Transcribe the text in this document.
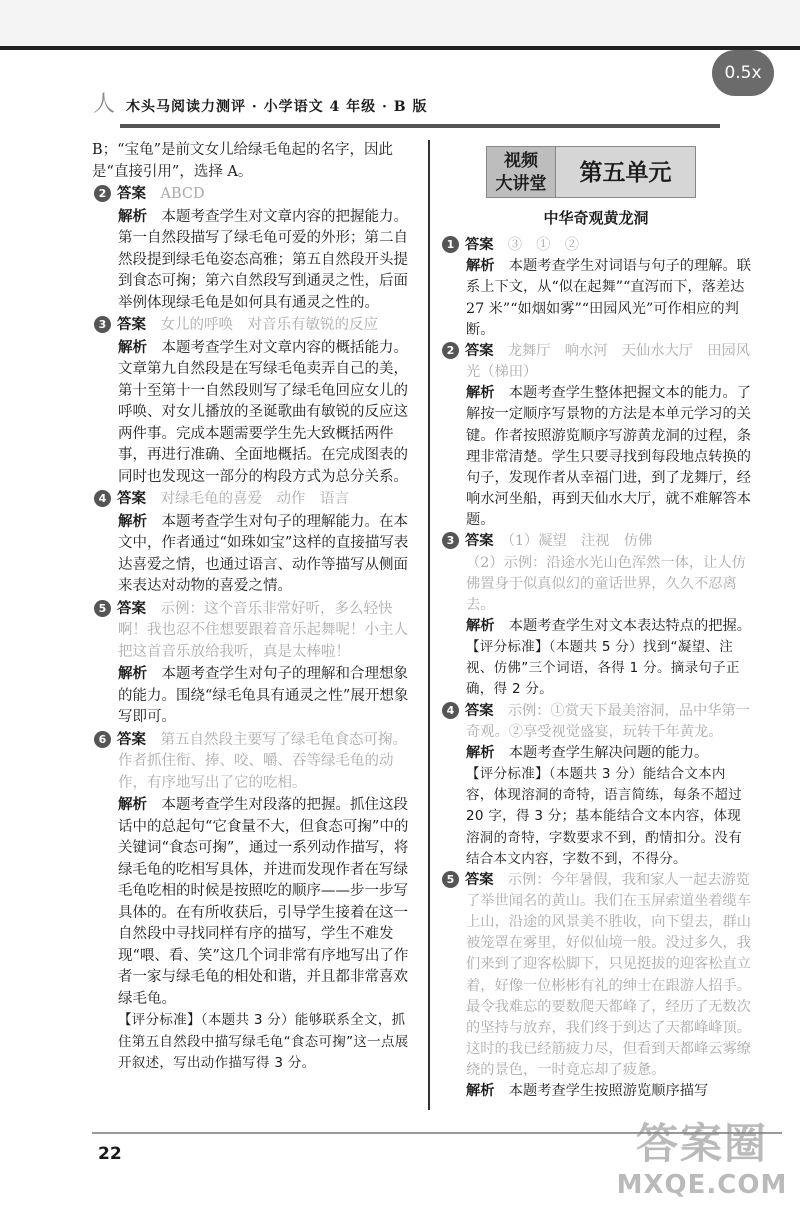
0.5x
人 木头马阅读力测评 · 小学语文 4 年级 · B 版

B；“宝龟”是前文女儿给绿毛龟起的名字，因此是“直接引用”，选择 A。

2 答案　 ABCD

解析　 本题考查学生对文章内容的把握能力。第一自然段描写了绿毛龟可爱的外形；第二自然段提到绿毛龟姿态高雅；第五自然段开头提到食态可掬；第六自然段写到通灵之性，后面举例体现绿毛龟是如何具有通灵之性的。

3 答案　 女儿的呼唤　对音乐有敏锐的反应

解析　 本题考查学生对文章内容的概括能力。文章第九自然段是在写绿毛龟卖弄自己的美，第十至第十一自然段则写了绿毛龟回应女儿的呼唤、对女儿播放的圣诞歌曲有敏锐的反应这两件事。完成本题需要学生先大致概括两件事，再进行准确、全面地概括。在完成图表的同时也发现这一部分的构段方式为总分关系。

4 答案　 对绿毛龟的喜爱　动作　语言

解析　 本题考查学生对句子的理解能力。在本文中，作者通过“如珠如宝”这样的直接描写表达喜爱之情，也通过语言、动作等描写从侧面来表达对动物的喜爱之情。

5 答案　 示例：这个音乐非常好听，多么轻快啊！我也忍不住想要跟着音乐起舞呢！小主人把这首音乐放给我听，真是太棒啦！

解析　 本题考查学生对句子的理解和合理想象的能力。围绕“绿毛龟具有通灵之性”展开想象写即可。

6 答案　 第五自然段主要写了绿毛龟食态可掬。作者抓住衔、捧、咬、嚼、吞等绿毛龟的动作，有序地写出了它的吃相。

解析　 本题考查学生对段落的把握。抓住这段话中的总起句“它食量不大，但食态可掬”中的关键词“食态可掬”，通过一系列动作描写，将绿毛龟的吃相写具体，并进而发现作者在写绿毛龟吃相的时候是按照吃的顺序——步一步写具体的。在有所收获后，引导学生接着在这一自然段中寻找同样有序的描写，学生不难发现“喂、看、笑”这几个词非常有序地写出了作者一家与绿毛龟的相处和谐，并且都非常喜欢绿毛龟。

【评分标准】（本题共 3 分）能够联系全文，抓住第五自然段中描写绿毛龟“食态可掬”这一点展开叙述，写出动作描写得 3 分。

视频
大讲堂	第五单元
中华奇观黄龙洞

1 答案　 ③　①　②

解析　 本题考查学生对词语与句子的理解。联系上下文，从“似在起舞”“直泻而下，落差达 27 米”“如烟如雾”“田园风光”可作相应的判断。

2 答案　 龙舞厅　响水河　天仙水大厅　田园风光（梯田）

解析　 本题考查学生整体把握文本的能力。了解按一定顺序写景物的方法是本单元学习的关键。作者按照游览顺序写游黄龙洞的过程，条理非常清楚。学生只要寻找到每段地点转换的句子，发现作者从幸福门进，到了龙舞厅，经响水河坐船，再到天仙水大厅，就不难解答本题。

3 答案　 （1）凝望　注视　仿佛

（2）示例：沿途水光山色浑然一体，让人仿佛置身于似真似幻的童话世界，久久不忍离去。

解析　 本题考查学生对文本表达特点的把握。

【评分标准】（本题共 5 分）找到“凝望、注视、仿佛”三个词语，各得 1 分。摘录句子正确，得 2 分。

4 答案　 示例：①赏天下最美溶洞，品中华第一奇观。②享受视觉盛宴，玩转千年黄龙。

解析　 本题考查学生解决问题的能力。

【评分标准】（本题共 3 分）能结合文本内容，体现溶洞的奇特，语言简练，每条不超过 20 字，得 3 分；基本能结合文本内容，体现溶洞的奇特，字数要求不到，酌情扣分。没有结合本文内容，字数不到，不得分。

5 答案　 示例：今年暑假，我和家人一起去游览了举世闻名的黄山。我们在玉屏索道坐着缆车上山，沿途的风景美不胜收，向下望去，群山被笼罩在雾里，好似仙境一般。没过多久，我们来到了迎客松脚下，只见挺拔的迎客松直立着，好像一位彬彬有礼的绅士在跟游人招手。最令我难忘的要数爬天都峰了，经历了无数次的坚持与放弃，我们终于到达了天都峰峰顶。这时的我已经筋疲力尽，但看到天都峰云雾缭绕的景色，一时竟忘却了疲惫。

解析　 本题考查学生按照游览顺序描写

22	答案圈
MXQE.COM
